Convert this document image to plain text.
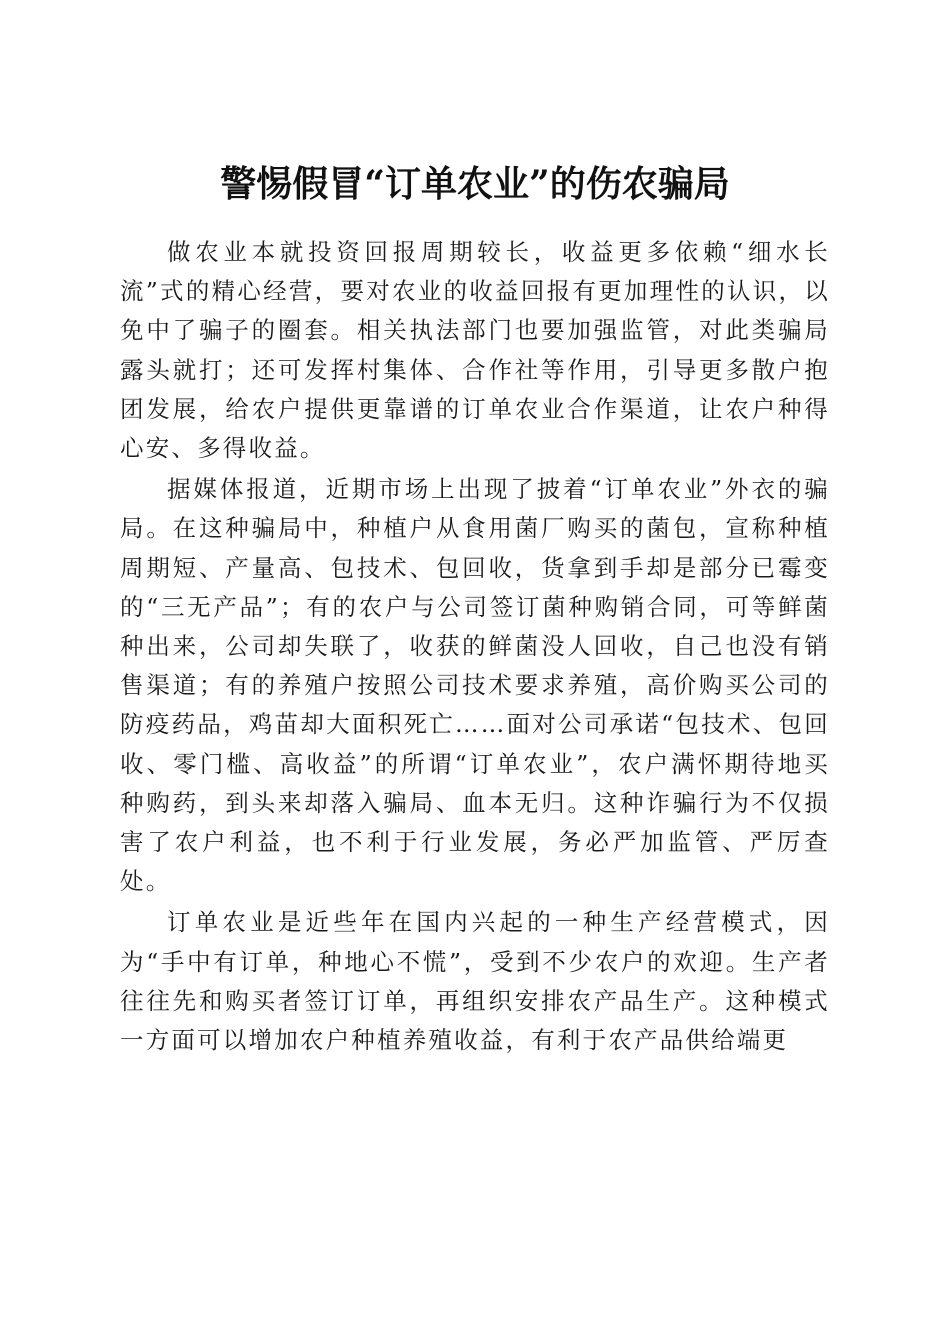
警惕假冒“订单农业”的伤农骗局

做农业本就投资回报周期较长，收益更多依赖“细水长流”式的精心经营，要对农业的收益回报有更加理性的认识，以免中了骗子的圈套。相关执法部门也要加强监管，对此类骗局露头就打；还可发挥村集体、合作社等作用，引导更多散户抱团发展，给农户提供更靠谱的订单农业合作渠道，让农户种得心安、多得收益。

据媒体报道，近期市场上出现了披着“订单农业”外衣的骗局。在这种骗局中，种植户从食用菌厂购买的菌包，宣称种植周期短、产量高、包技术、包回收，货拿到手却是部分已霉变的“三无产品”；有的农户与公司签订菌种购销合同，可等鲜菌种出来，公司却失联了，收获的鲜菌没人回收，自己也没有销售渠道；有的养殖户按照公司技术要求养殖，高价购买公司的防疫药品，鸡苗却大面积死亡……面对公司承诺“包技术、包回收、零门槛、高收益”的所谓“订单农业”，农户满怀期待地买种购药，到头来却落入骗局、血本无归。这种诈骗行为不仅损害了农户利益，也不利于行业发展，务必严加监管、严厉查处。

订单农业是近些年在国内兴起的一种生产经营模式，因为“手中有订单，种地心不慌”，受到不少农户的欢迎。生产者往往先和购买者签订订单，再组织安排农产品生产。这种模式一方面可以增加农户种植养殖收益，有利于农产品供给端更
